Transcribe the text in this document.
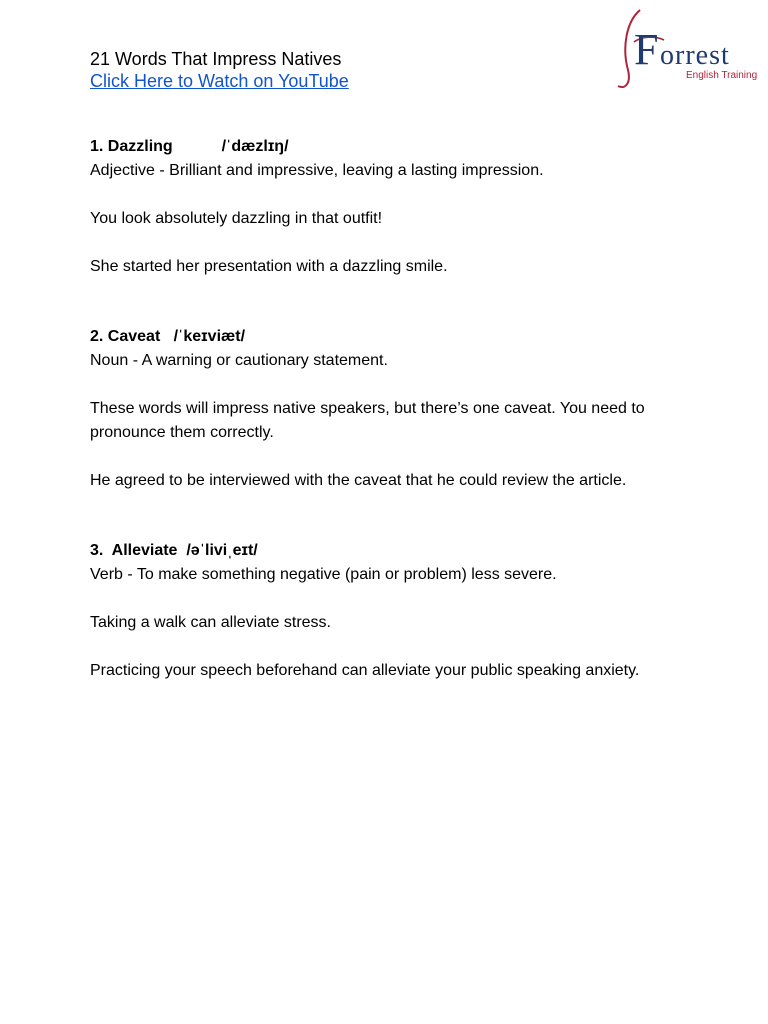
21 Words That Impress Natives
Click Here to Watch on YouTube
F orrest
English Training
1. Dazzling	/ˈdæzlɪŋ/

Adjective - Brilliant and impressive, leaving a lasting impression.

You look absolutely dazzling in that outfit!

She started her presentation with a dazzling smile.

2. Caveat /ˈkeɪviæt/

Noun - A warning or cautionary statement.

These words will impress native speakers, but there’s one caveat. You need to pronounce them correctly.

He agreed to be interviewed with the caveat that he could review the article.

3.  Alleviate /əˈliviˌeɪt/

Verb - To make something negative (pain or problem) less severe.

Taking a walk can alleviate stress.

Practicing your speech beforehand can alleviate your public speaking anxiety.
